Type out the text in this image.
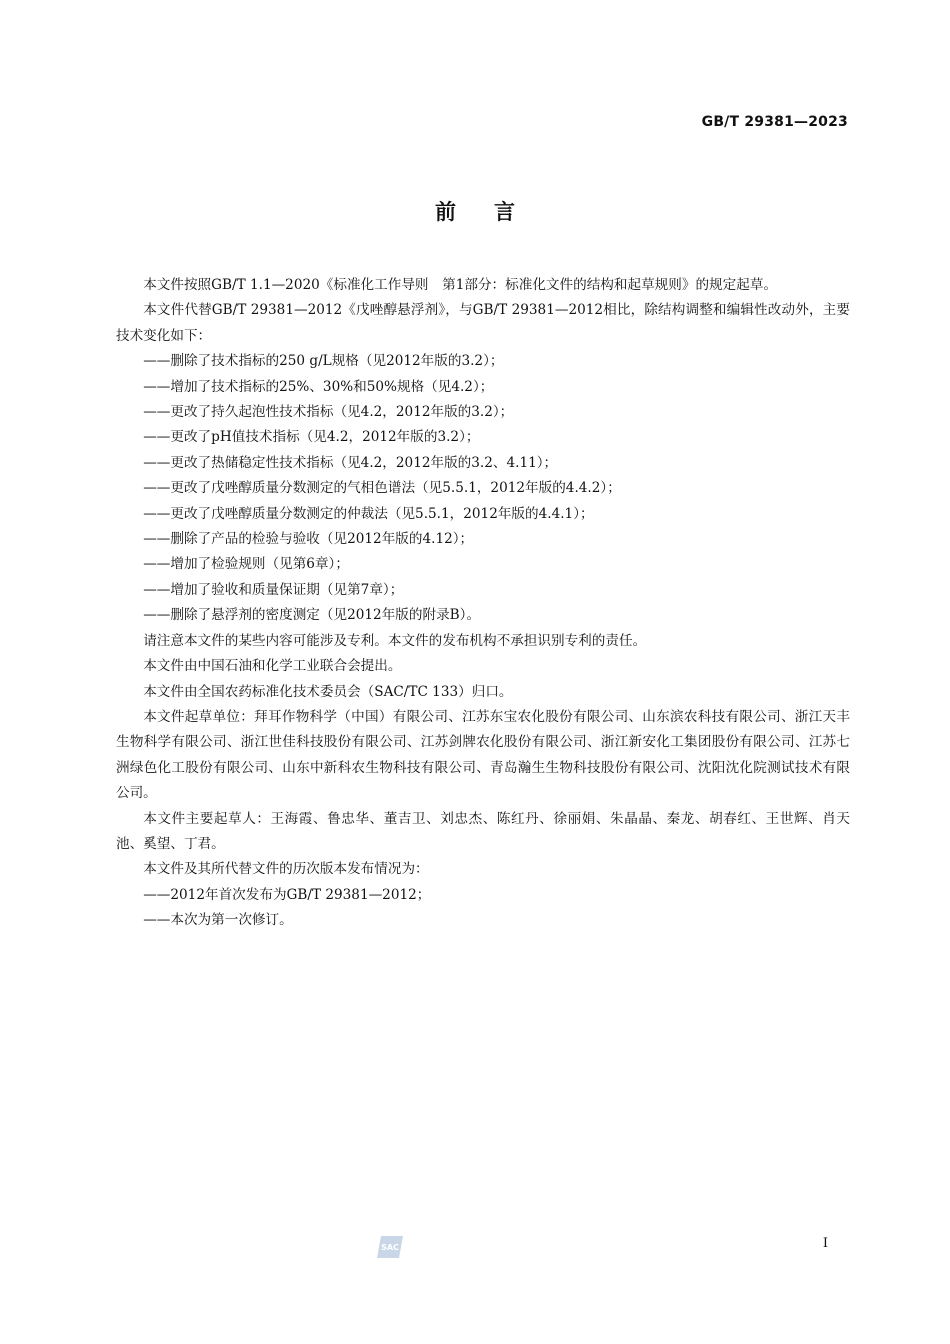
GB/T 29381—2023
前言

本文件按照GB/T 1.1—2020《标准化工作导则　第1部分：标准化文件的结构和起草规则》的规定起草。

本文件代替GB/T 29381—2012《戊唑醇悬浮剂》，与GB/T 29381—2012相比，除结构调整和编辑性改动外，主要技术变化如下：

——删除了技术指标的250 g/L规格（见2012年版的3.2）；

——增加了技术指标的25%、30%和50%规格（见4.2）；

——更改了持久起泡性技术指标（见4.2，2012年版的3.2）；

——更改了pH值技术指标（见4.2，2012年版的3.2）；

——更改了热储稳定性技术指标（见4.2，2012年版的3.2、4.11）；

——更改了戊唑醇质量分数测定的气相色谱法（见5.5.1，2012年版的4.4.2）；

——更改了戊唑醇质量分数测定的仲裁法（见5.5.1，2012年版的4.4.1）；

——删除了产品的检验与验收（见2012年版的4.12）；

——增加了检验规则（见第6章）；

——增加了验收和质量保证期（见第7章）；

——删除了悬浮剂的密度测定（见2012年版的附录B）。

请注意本文件的某些内容可能涉及专利。本文件的发布机构不承担识别专利的责任。

本文件由中国石油和化学工业联合会提出。

本文件由全国农药标准化技术委员会（SAC/TC 133）归口。

本文件起草单位：拜耳作物科学（中国）有限公司、江苏东宝农化股份有限公司、山东滨农科技有限公司、浙江天丰生物科学有限公司、浙江世佳科技股份有限公司、江苏剑牌农化股份有限公司、浙江新安化工集团股份有限公司、江苏七洲绿色化工股份有限公司、山东中新科农生物科技有限公司、青岛瀚生生物科技股份有限公司、沈阳沈化院测试技术有限公司。

本文件主要起草人：王海霞、鲁忠华、董吉卫、刘忠杰、陈红丹、徐丽娟、朱晶晶、秦龙、胡春红、王世辉、肖天池、奚望、丁君。

本文件及其所代替文件的历次版本发布情况为：

——2012年首次发布为GB/T 29381—2012；

——本次为第一次修订。

SAC	I
